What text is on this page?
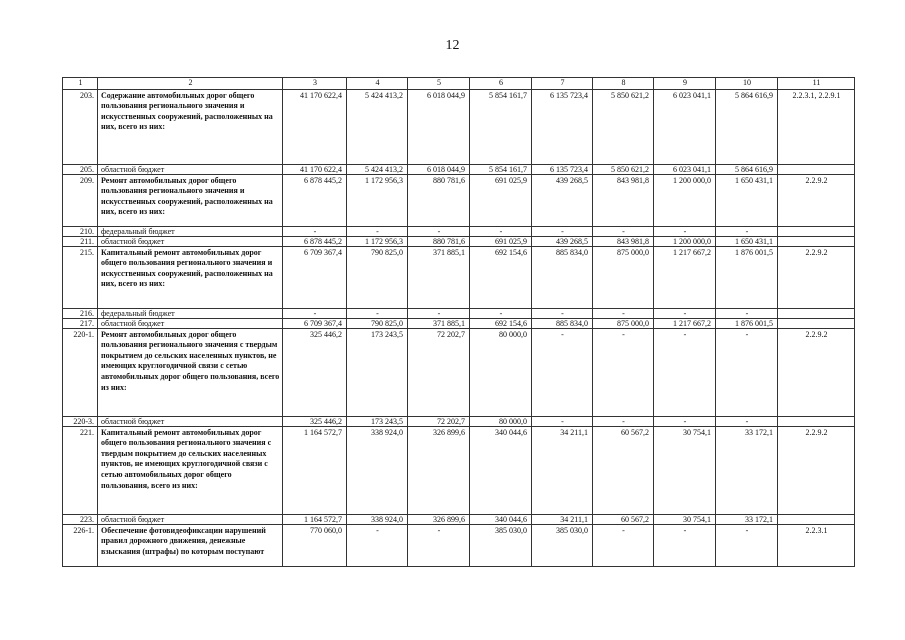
12
1	2	3	4	5	6	7	8	9	10	11
203.	Содержание автомобильных дорог общего пользования регионального значения и искусственных сооружений, расположенных на них, всего из них:	41 170 622,4	5 424 413,2	6 018 044,9	5 854 161,7	6 135 723,4	5 850 621,2	6 023 041,1	5 864 616,9	2.2.3.1, 2.2.9.1
205.	областной бюджет	41 170 622,4	5 424 413,2	6 018 044,9	5 854 161,7	6 135 723,4	5 850 621,2	6 023 041,1	5 864 616,9	
209.	Ремонт автомобильных дорог общего пользования регионального значения и искусственных сооружений, расположенных на них, всего из них:	6 878 445,2	1 172 956,3	880 781,6	691 025,9	439 268,5	843 981,8	1 200 000,0	1 650 431,1	2.2.9.2
210.	федеральный бюджет	-	-	-	-	-	-	-	-	
211.	областной бюджет	6 878 445,2	1 172 956,3	880 781,6	691 025,9	439 268,5	843 981,8	1 200 000,0	1 650 431,1	
215.	Капитальный ремонт автомобильных дорог общего пользования регионального значения и искусственных сооружений, расположенных на них, всего из них:	6 709 367,4	790 825,0	371 885,1	692 154,6	885 834,0	875 000,0	1 217 667,2	1 876 001,5	2.2.9.2
216.	федеральный бюджет	-	-	-	-	-	-	-	-	
217.	областной бюджет	6 709 367,4	790 825,0	371 885,1	692 154,6	885 834,0	875 000,0	1 217 667,2	1 876 001,5	
220-1.	Ремонт автомобильных дорог общего пользования регионального значения с твердым покрытием до сельских населенных пунктов, не имеющих круглогодичной связи с сетью автомобильных дорог общего пользования, всего из них:	325 446,2	173 243,5	72 202,7	80 000,0	-	-	-	-	2.2.9.2
220-3.	областной бюджет	325 446,2	173 243,5	72 202,7	80 000,0	-	-	-	-	
221.	Капитальный ремонт автомобильных дорог общего пользования регионального значения с твердым покрытием до сельских населенных пунктов, не имеющих круглогодичной связи с сетью автомобильных дорог общего пользования, всего из них:	1 164 572,7	338 924,0	326 899,6	340 044,6	34 211,1	60 567,2	30 754,1	33 172,1	2.2.9.2
223.	областной бюджет	1 164 572,7	338 924,0	326 899,6	340 044,6	34 211,1	60 567,2	30 754,1	33 172,1	
226-1.	Обеспечение фотовидеофиксации нарушений правил дорожного движения, денежные взыскания (штрафы) по которым поступают	770 060,0	-	-	385 030,0	385 030,0	-	-	-	2.2.3.1
